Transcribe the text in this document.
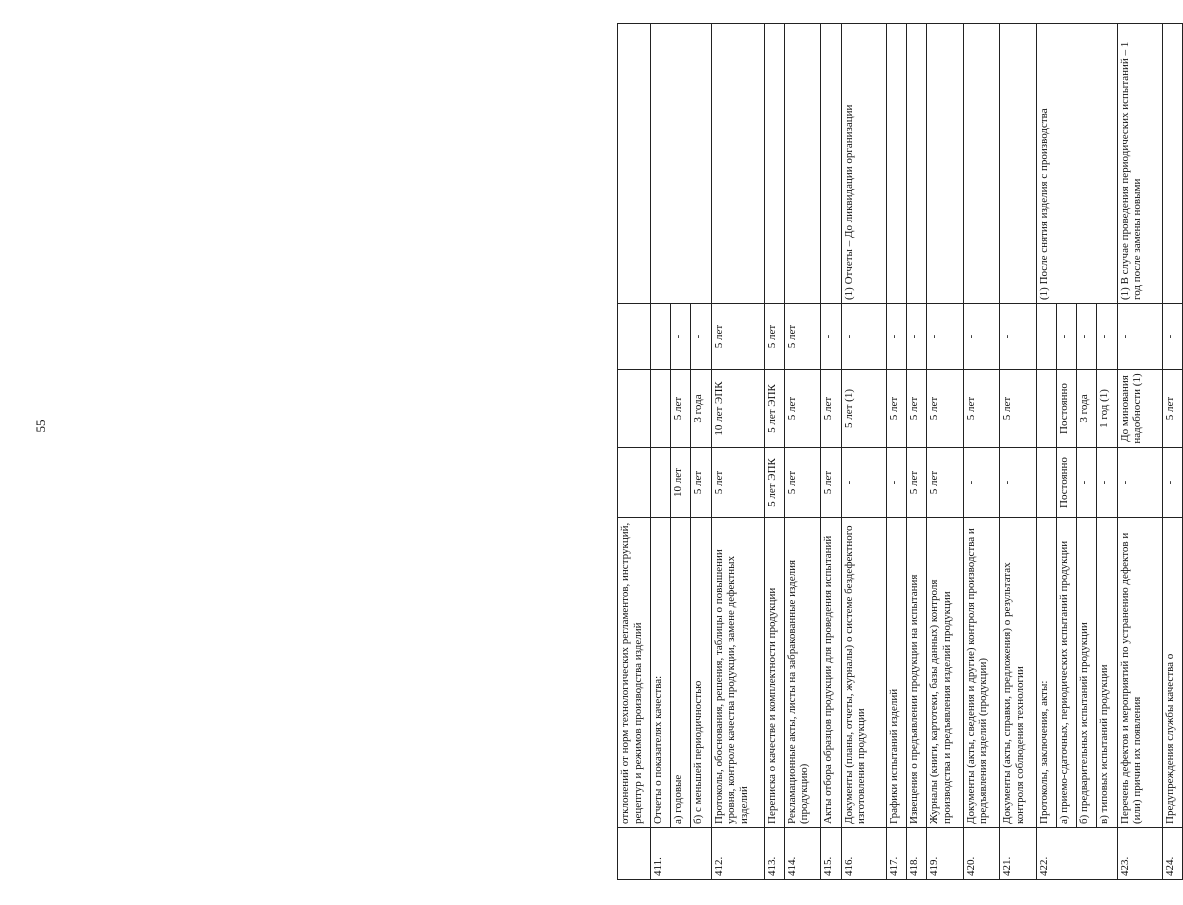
55
	отклонений от норм технологических регламентов, инструкций, рецептур и режимов производства изделий				
411.	Отчеты о показателях качества:				
	а) годовые	10 лет	5 лет	-	
	б) с меньшей периодичностью	5 лет	3 года	-	
412.	Протоколы, обоснования, решения, таблицы о повышении уровня, контроле качества продукции, замене дефектных изделий	5 лет	10 лет ЭПК	5 лет	
413.	Переписка о качестве и комплектности продукции	5 лет ЭПК	5 лет ЭПК	5 лет	
414.	Рекламационные акты, листы на забракованные изделия (продукцию)	5 лет	5 лет	5 лет	
415.	Акты отбора образцов продукции для проведения испытаний	5 лет	5 лет	-	
416.	Документы (планы, отчеты, журналы) о системе бездефектного изготовления продукции	-	5 лет (1)	-	(1) Отчеты – До ликвидации организации
417.	Графики испытаний изделий	-	5 лет	-	
418.	Извещения о предъявлении продукции на испытания	5 лет	5 лет	-	
419.	Журналы (книги, картотеки, базы данных) контроля производства и предъявления изделий продукции	5 лет	5 лет	-	
420.	Документы (акты, сведения и другие) контроля производства и предъявления изделий (продукции)	-	5 лет	-	
421.	Документы (акты, справки, предложения) о результатах контроля соблюдения технологии	-	5 лет	-	
422.	Протоколы, заключения, акты:				(1) После снятия изделия с производства
	а) приемо-сдаточных, периодических испытаний продукции	Постоянно	Постоянно	-	
	б) предварительных испытаний продукции	-	3 года	-	
	в) типовых испытаний продукции	-	1 год (1)	-	
423.	Перечень дефектов и мероприятий по устранению дефектов и (или) причин их появления	-	До минования надобности (1)	-	(1) В случае проведения периодических испытаний – 1 год после замены новыми
424.	Предупреждения службы качества о	-	5 лет	-	
